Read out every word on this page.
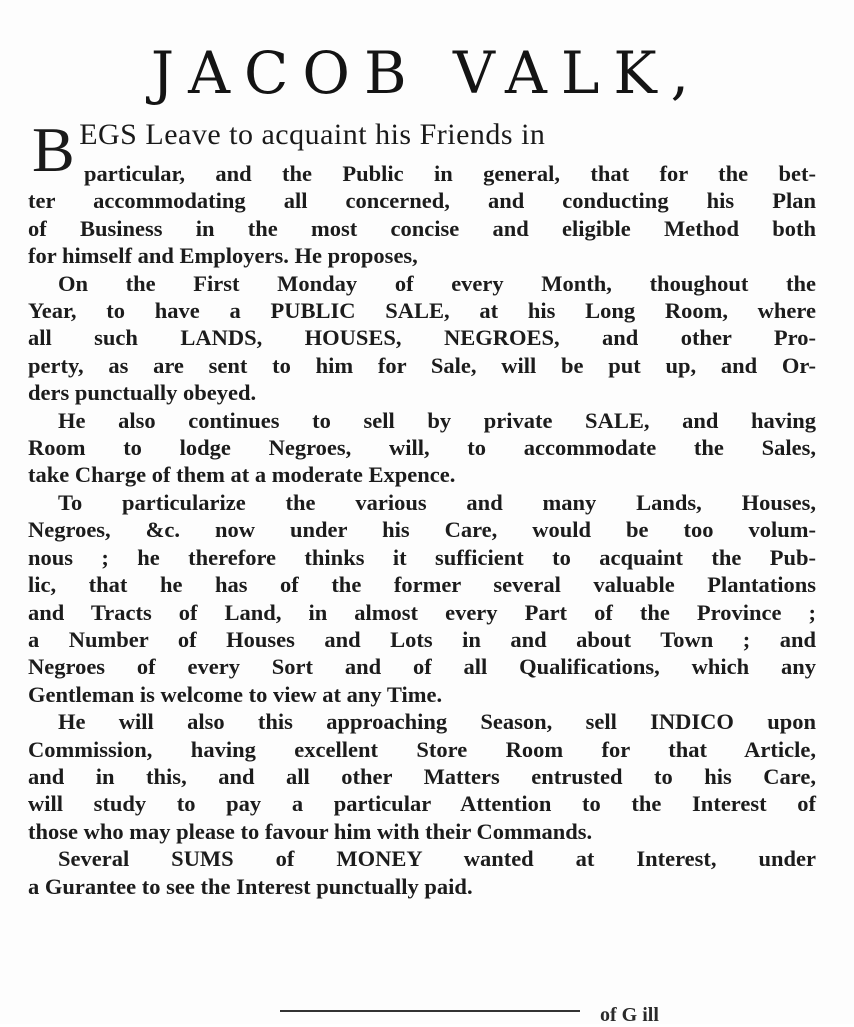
JACOB VALK,
BEGS Leave to acquaint his Friends in
particular, and the Public in general, that for the bet-
ter accommodating all concerned, and conducting his Plan
of Business in the most concise and eligible Method both
for himself and Employers. He proposes,
On the First Monday of every Month, thoughout the
Year, to have a PUBLIC SALE, at his Long Room, where
all such LANDS, HOUSES, NEGROES, and other Pro-
perty, as are sent to him for Sale, will be put up, and Or-
ders punctually obeyed.
He also continues to sell by private SALE, and having
Room to lodge Negroes, will, to accommodate the Sales,
take Charge of them at a moderate Expence.
To particularize the various and many Lands, Houses,
Negroes, &c. now under his Care, would be too volum-
nous ; he therefore thinks it sufficient to acquaint the Pub-
lic, that he has of the former several valuable Plantations
and Tracts of Land, in almost every Part of the Province ;
a Number of Houses and Lots in and about Town ; and
Negroes of every Sort and of all Qualifications, which any
Gentleman is welcome to view at any Time.
He will also this approaching Season, sell INDICO upon
Commission, having excellent Store Room for that Article,
and in this, and all other Matters entrusted to his Care,
will study to pay a particular Attention to the Interest of
those who may please to favour him with their Commands.
Several SUMS of MONEY wanted at Interest, under
a Gurantee to see the Interest punctually paid.
of G ill
